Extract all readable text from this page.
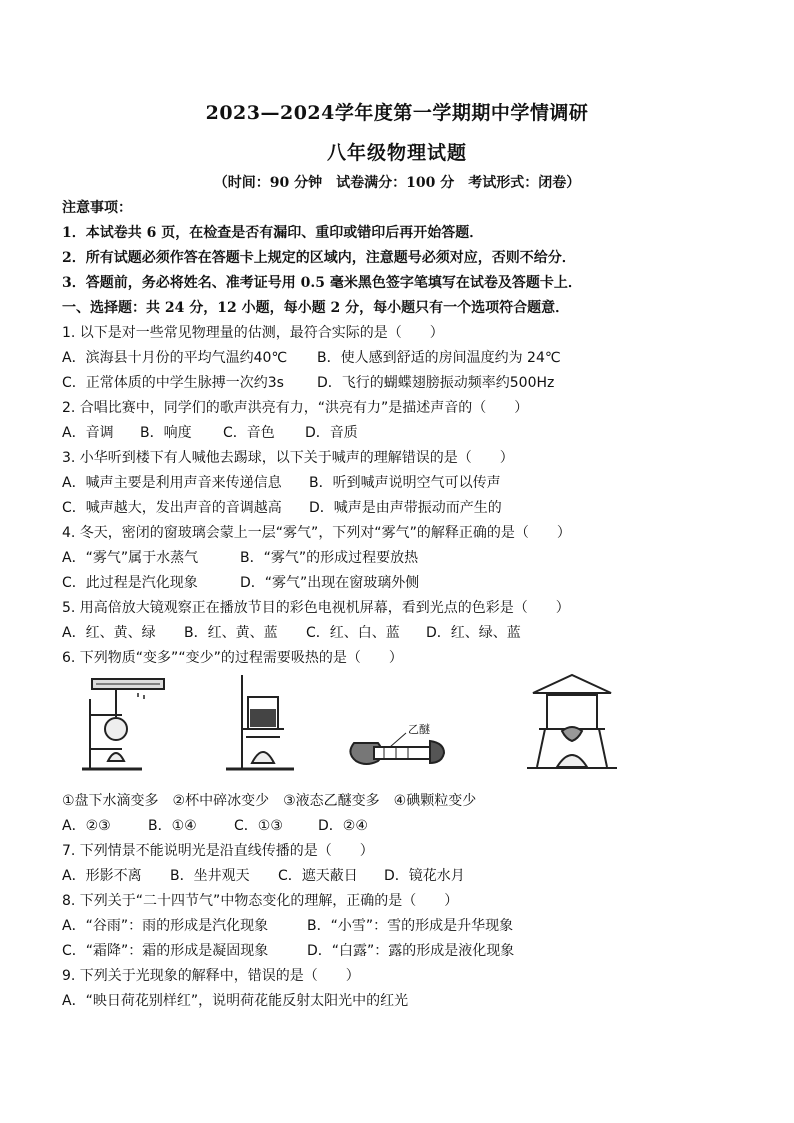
2023—2024学年度第一学期期中学情调研
八年级物理试题
（时间：90 分钟　试卷满分：100 分　考试形式：闭卷）
注意事项：
1．本试卷共 6 页，在检查是否有漏印、重印或错印后再开始答题．
2．所有试题必须作答在答题卡上规定的区域内，注意题号必须对应，否则不给分．
3．答题前，务必将姓名、准考证号用 0.5 毫米黑色签字笔填写在试卷及答题卡上．
一、选择题：共 24 分，12 小题，每小题 2 分，每小题只有一个选项符合题意．
1. 以下是对一些常见物理量的估测，最符合实际的是（　　）
A．滨海县十月份的平均气温约40℃	B．使人感到舒适的房间温度约为 24℃
C．正常体质的中学生脉搏一次约3s	D．飞行的蝴蝶翅膀振动频率约500Hz
2. 合唱比赛中，同学们的歌声洪亮有力，“洪亮有力”是描述声音的（　　）
A．音调	B．响度	C．音色	D．音质
3. 小华听到楼下有人喊他去踢球，以下关于喊声的理解错误的是（　　）
A．喊声主要是利用声音来传递信息	B．听到喊声说明空气可以传声
C．喊声越大，发出声音的音调越高	D．喊声是由声带振动而产生的
4. 冬天，密闭的窗玻璃会蒙上一层“雾气”，下列对“雾气”的解释正确的是（　　）
A．“雾气”属于水蒸气	B．“雾气”的形成过程要放热
C．此过程是汽化现象	D．“雾气”出现在窗玻璃外侧
5. 用高倍放大镜观察正在播放节目的彩色电视机屏幕，看到光点的色彩是（　　）
A．红、黄、绿	B．红、黄、蓝	C．红、白、蓝	D．红、绿、蓝
6. 下列物质“变多”“变少”的过程需要吸热的是（　　）
乙醚
①盘下水滴变多　②杯中碎冰变少　③液态乙醚变多　④碘颗粒变少
A．②③	B．①④	C．①③	D．②④
7. 下列情景不能说明光是沿直线传播的是（　　）
A．形影不离	B．坐井观天	C．遮天蔽日	D．镜花水月
8. 下列关于“二十四节气”中物态变化的理解，正确的是（　　）
A．“谷雨”：雨的形成是汽化现象	B．“小雪”：雪的形成是升华现象
C．“霜降”：霜的形成是凝固现象	D．“白露”：露的形成是液化现象
9. 下列关于光现象的解释中，错误的是（　　）
A．“映日荷花别样红”，说明荷花能反射太阳光中的红光
